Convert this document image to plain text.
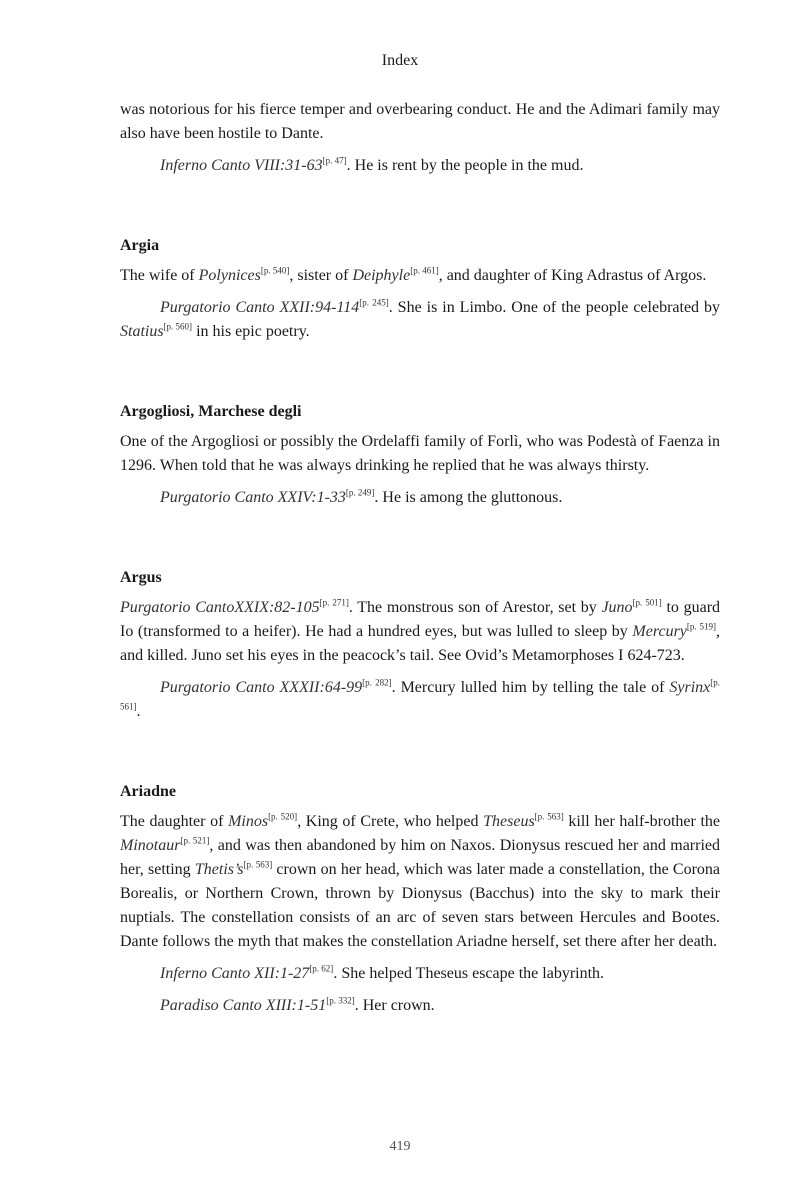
Index

was notorious for his fierce temper and overbearing conduct. He and the Adimari family may also have been hostile to Dante.

Inferno Canto VIII:31-63[p. 47]. He is rent by the people in the mud.

Argia

The wife of Polynices[p. 540], sister of Deiphyle[p. 461], and daughter of King Adrastus of Argos.

Purgatorio Canto XXII:94-114[p. 245]. She is in Limbo. One of the people celebrated by Statius[p. 560] in his epic poetry.

Argogliosi, Marchese degli

One of the Argogliosi or possibly the Ordelaffi family of Forlì, who was Podestà of Faenza in 1296. When told that he was always drinking he replied that he was always thirsty.

Purgatorio Canto XXIV:1-33[p. 249]. He is among the gluttonous.

Argus

Purgatorio CantoXXIX:82-105[p. 271]. The monstrous son of Arestor, set by Juno[p. 501] to guard Io (transformed to a heifer). He had a hundred eyes, but was lulled to sleep by Mercury[p. 519], and killed. Juno set his eyes in the peacock’s tail. See Ovid’s Metamorphoses I 624-723.

Purgatorio Canto XXXII:64-99[p. 282]. Mercury lulled him by telling the tale of Syrinx[p. 561].

Ariadne

The daughter of Minos[p. 520], King of Crete, who helped Theseus[p. 563] kill her half-brother the Minotaur[p. 521], and was then abandoned by him on Naxos. Dionysus rescued her and married her, setting Thetis’s[p. 563] crown on her head, which was later made a constellation, the Corona Borealis, or Northern Crown, thrown by Dionysus (Bacchus) into the sky to mark their nuptials. The constellation consists of an arc of seven stars between Hercules and Bootes. Dante follows the myth that makes the constellation Ariadne herself, set there after her death.

Inferno Canto XII:1-27[p. 62]. She helped Theseus escape the labyrinth.

Paradiso Canto XIII:1-51[p. 332]. Her crown.

419
